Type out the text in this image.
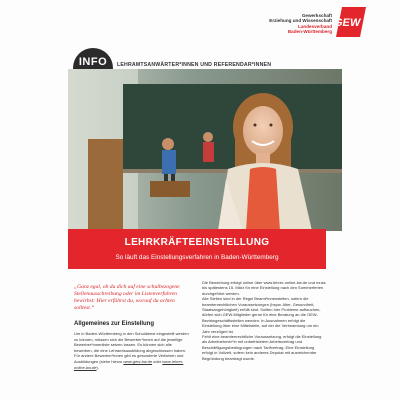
Gewerkschaft
Erziehung und Wissenschaft
Landesverband
Baden-Württemberg
GEW
INFO	LEHRAMTSANWÄRTER*INNEN UND REFERENDAR*INNEN
LEHRKRÄFTEEINSTELLUNG
So läuft das Einstellungsverfahren in Baden-Württemberg
„Ganz egal, ob du dich auf eine schulbezogene Stellenausschreibung oder im Listenverfahren bewirbst: Hier erfährst du, worauf du achten solltest.“
Allgemeines zur Einstellung
Um in Baden-Württemberg in den Schuldienst eingestellt werden zu können, müssen sich die Bewerber*innen auf die jeweilige Bewerber*innenliste setzen lassen. Es können sich alle bewerben, die eine Lehramtsausbildung abgeschlossen haben. Für andere Bewerber*innen gibt es gesonderte Verfahren und Ausbildungen (siehe hierzu www.gew-bw.de oder www.lehrer-online-bw.de).

Die Bewerbung erfolgt online über www.lehrer-online-bw.de und muss bis spätestens 15. März für eine Einstellung nach den Sommerferien durchgeführt werden.

Alle Stellen sind in der Regel Beamt*innenstellen, sofern die beamtenrechtlichen Voraussetzungen (bspw. Alter, Gesundheit, Staatsangehörigkeit) erfüllt sind. Sollten hier Probleme auftauchen, dürfen sich GEW-Mitglieder gerne für eine Beratung an die GEW-Bezirksgeschäftsstellen wenden. In Ausnahmen erfolgt die Einstellung über eine Mittelstelle, auf der die Verbeamtung um ein Jahr verzögert ist.

Fehlt eine beamtenrechtliche Voraussetzung, erfolgt die Einstellung als Arbeitnehmer*in mit unbefristetem Arbeitsvertrag und Beschäftigungsbedingungen nach Tarifvertrag. Eine Einstellung erfolgt in Vollzeit, sofern kein anderes Deputat mit ausreichender Begründung beantragt wurde.
